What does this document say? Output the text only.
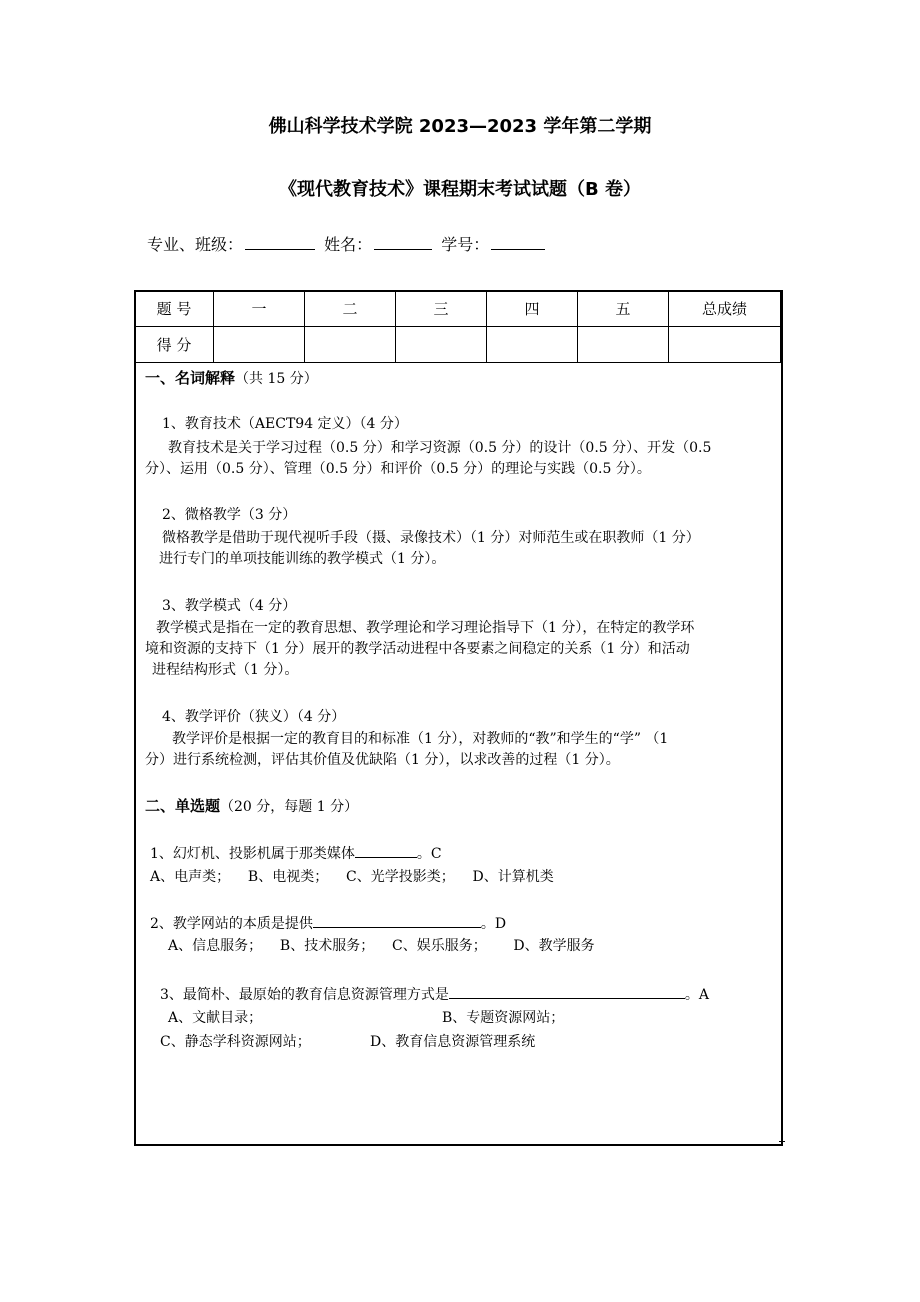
佛山科学技术学院 2023—2023 学年第二学期
《现代教育技术》课程期末考试试题（B 卷）
专业、班级：	姓名：	学号：
题 号	一	二	三	四	五	总成绩
得 分						
一、名词解释（共 15 分）
1、教育技术（AECT94 定义）（4 分）
教育技术是关于学习过程（0.5 分）和学习资源（0.5 分）的设计（0.5 分）、开发（0.5
分）、运用（0.5 分）、管理（0.5 分）和评价（0.5 分）的理论与实践（0.5 分）。
2、微格教学（3 分）
微格教学是借助于现代视听手段（摄、录像技术）（1 分）对师范生或在职教师（1 分）
进行专门的单项技能训练的教学模式（1 分）。
3、教学模式（4 分）
教学模式是指在一定的教育思想、教学理论和学习理论指导下（1 分），在特定的教学环
境和资源的支持下（1 分）展开的教学活动进程中各要素之间稳定的关系（1 分）和活动
进程结构形式（1 分）。
4、教学评价（狭义）（4 分）
教学评价是根据一定的教育目的和标准（1 分），对教师的“教”和学生的“学” （1
分）进行系统检测，评估其价值及优缺陷（1 分），以求改善的过程（1 分）。
二、单选题（20 分，每题 1 分）
1、幻灯机、投影机属于那类媒体	。C
A、电声类；    B、电视类；    C、光学投影类；    D、计算机类
2、教学网站的本质是提供	。D
A、信息服务；    B、技术服务；    C、娱乐服务；      D、教学服务
3、最简朴、最原始的教育信息资源管理方式是	。A
A、文献目录；	B、专题资源网站；
C、静态学科资源网站；	D、教育信息资源管理系统
